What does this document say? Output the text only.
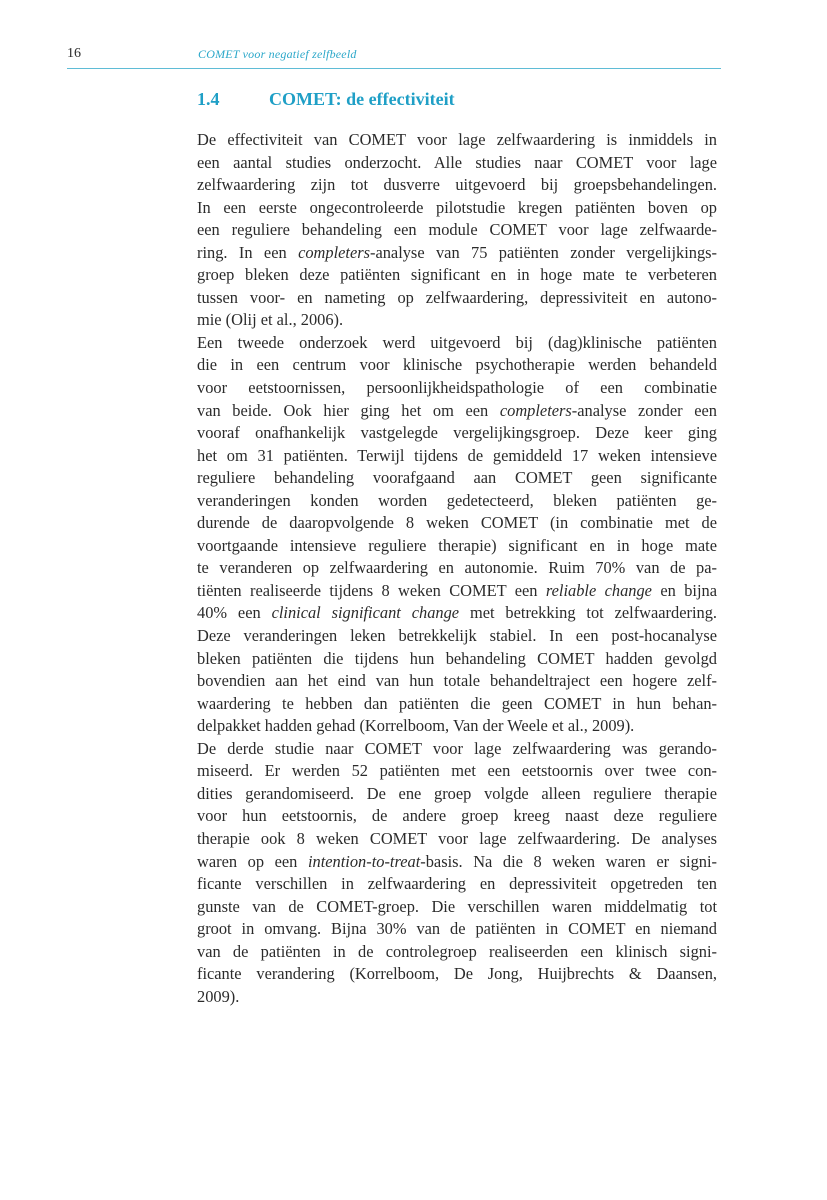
16	COMET voor negatief zelfbeeld
1.4	COMET: de effectiviteit
De effectiviteit van COMET voor lage zelfwaardering is inmiddels in
een aantal studies onderzocht. Alle studies naar COMET voor lage
zelfwaardering zijn tot dusverre uitgevoerd bij groepsbehandelingen.
In een eerste ongecontroleerde pilotstudie kregen patiënten boven op
een reguliere behandeling een module COMET voor lage zelfwaarde-
ring. In een completers-analyse van 75 patiënten zonder vergelijkings-
groep bleken deze patiënten significant en in hoge mate te verbeteren
tussen voor- en nameting op zelfwaardering, depressiviteit en autono-
mie (Olij et al., 2006).
Een tweede onderzoek werd uitgevoerd bij (dag)klinische patiënten
die in een centrum voor klinische psychotherapie werden behandeld
voor eetstoornissen, persoonlijkheidspathologie of een combinatie
van beide. Ook hier ging het om een completers-analyse zonder een
vooraf onafhankelijk vastgelegde vergelijkingsgroep. Deze keer ging
het om 31 patiënten. Terwijl tijdens de gemiddeld 17 weken intensieve
reguliere behandeling voorafgaand aan COMET geen significante
veranderingen konden worden gedetecteerd, bleken patiënten ge-
durende de daaropvolgende 8 weken COMET (in combinatie met de
voortgaande intensieve reguliere therapie) significant en in hoge mate
te veranderen op zelfwaardering en autonomie. Ruim 70% van de pa-
tiënten realiseerde tijdens 8 weken COMET een reliable change en bijna
40% een clinical significant change met betrekking tot zelfwaardering.
Deze veranderingen leken betrekkelijk stabiel. In een post-hocanalyse
bleken patiënten die tijdens hun behandeling COMET hadden gevolgd
bovendien aan het eind van hun totale behandeltraject een hogere zelf-
waardering te hebben dan patiënten die geen COMET in hun behan-
delpakket hadden gehad (Korrelboom, Van der Weele et al., 2009).
De derde studie naar COMET voor lage zelfwaardering was gerando-
miseerd. Er werden 52 patiënten met een eetstoornis over twee con-
dities gerandomiseerd. De ene groep volgde alleen reguliere therapie
voor hun eetstoornis, de andere groep kreeg naast deze reguliere
therapie ook 8 weken COMET voor lage zelfwaardering. De analyses
waren op een intention-to-treat-basis. Na die 8 weken waren er signi-
ficante verschillen in zelfwaardering en depressiviteit opgetreden ten
gunste van de COMET-groep. Die verschillen waren middelmatig tot
groot in omvang. Bijna 30% van de patiënten in COMET en niemand
van de patiënten in de controlegroep realiseerden een klinisch signi-
ficante verandering (Korrelboom, De Jong, Huijbrechts & Daansen,
2009).
